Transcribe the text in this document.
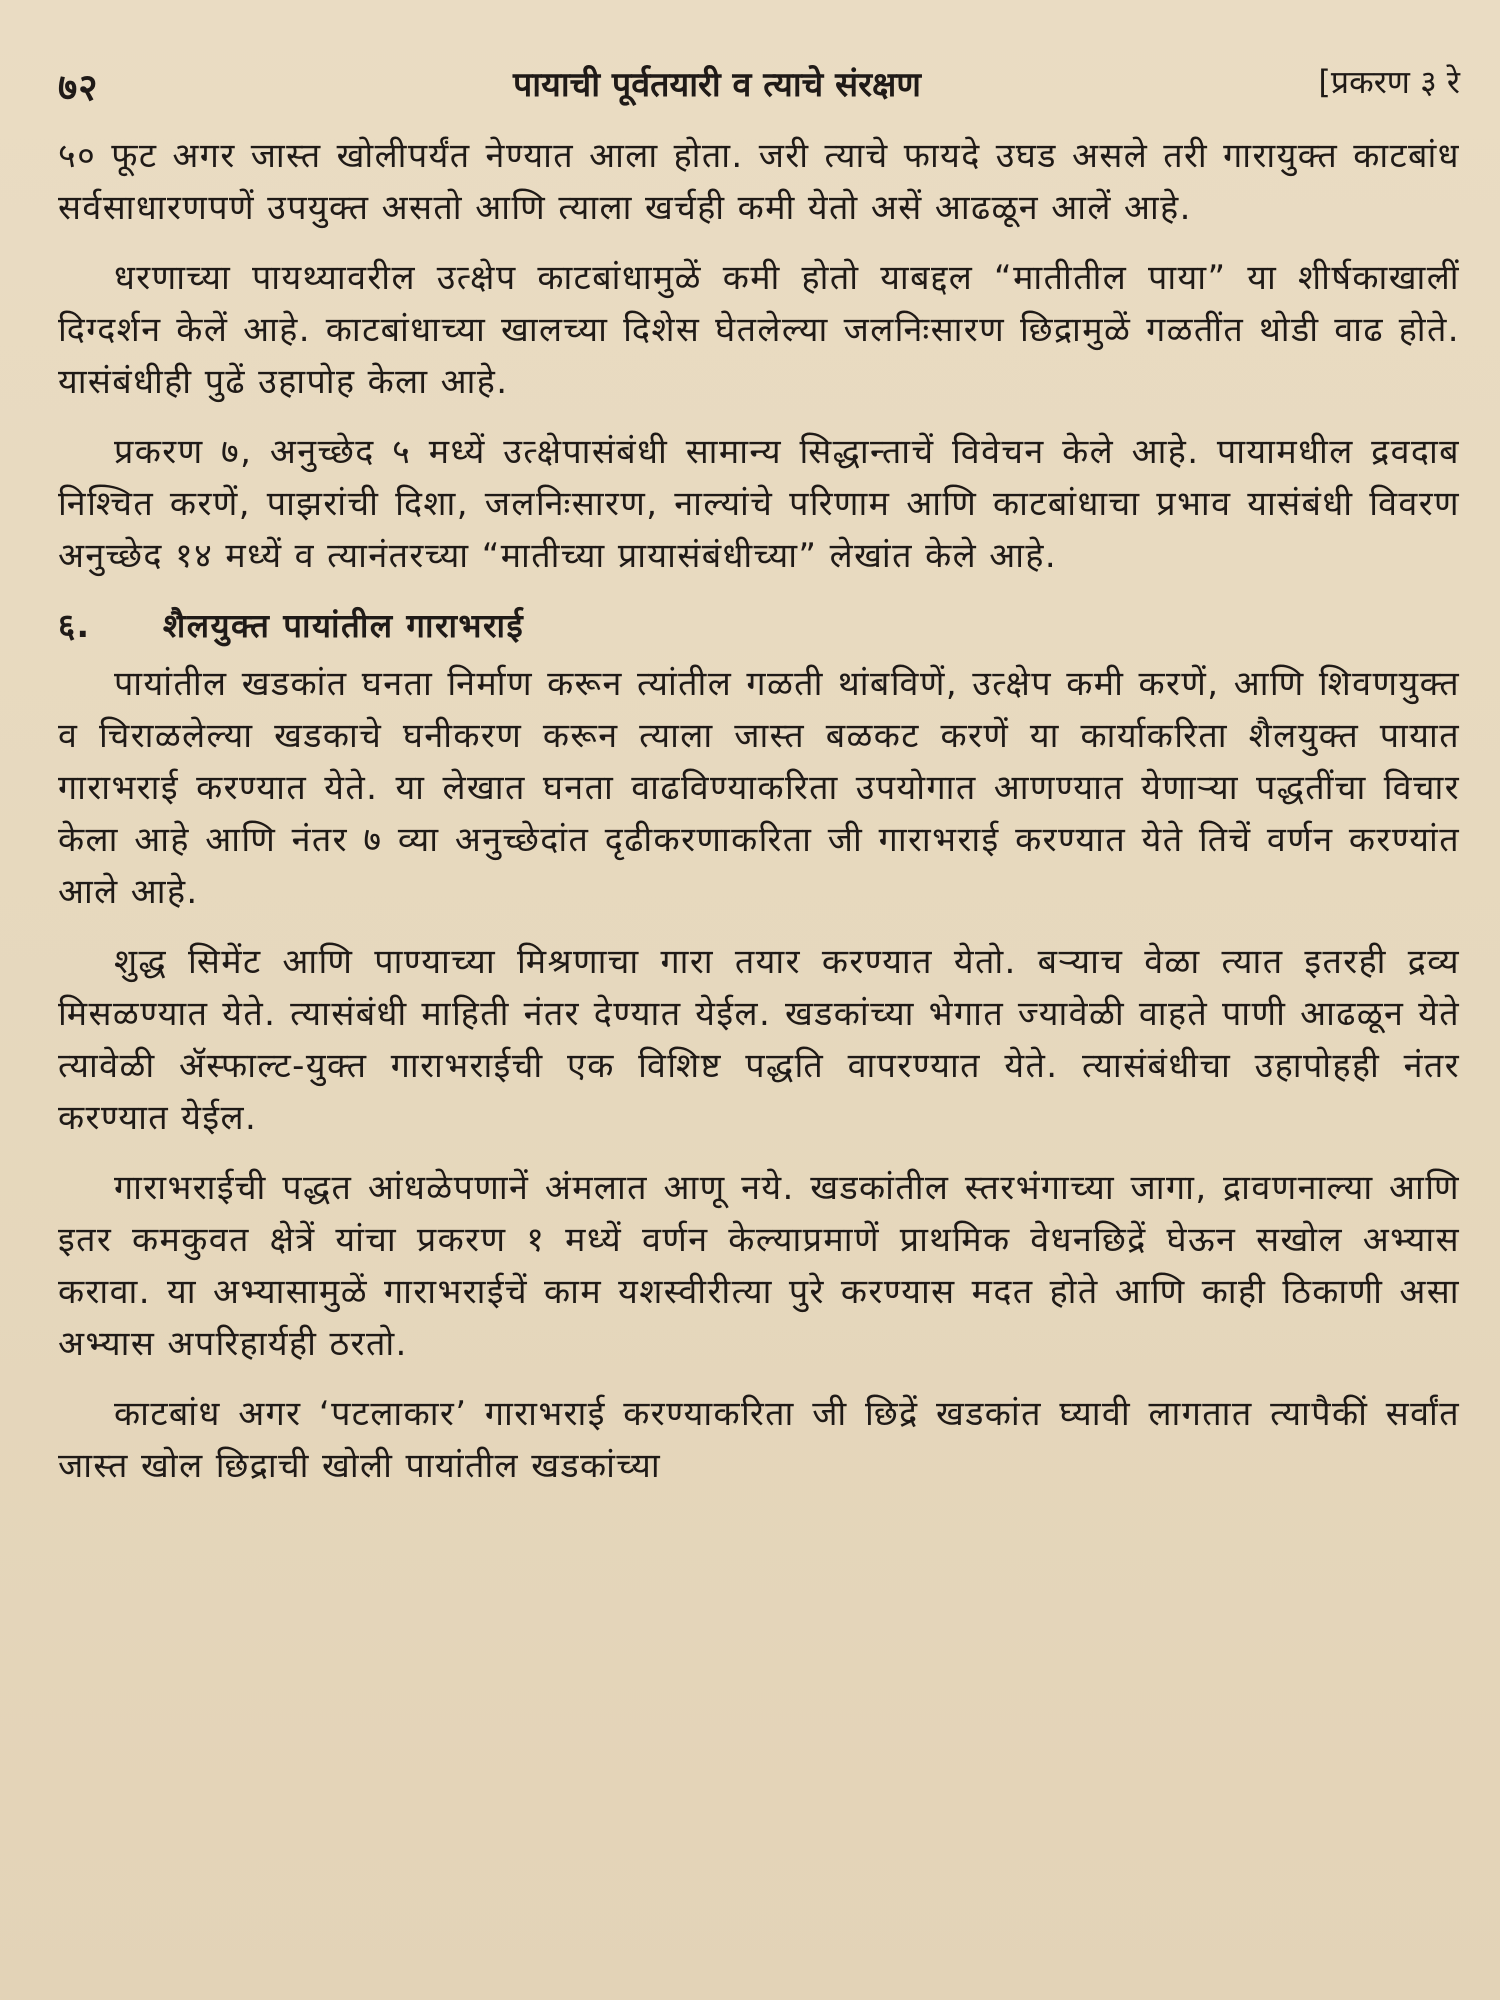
७२	पायाची पूर्वतयारी व त्याचे संरक्षण	[प्रकरण ३ रे

५० फूट अगर जास्त खोलीपर्यंत नेण्यात आला होता. जरी त्याचे फायदे उघड असले तरी गारायुक्त काटबांध सर्वसाधारणपणें उपयुक्त असतो आणि त्याला खर्चही कमी येतो असें आढळून आलें आहे.

धरणाच्या पायथ्यावरील उत्क्षेप काटबांधामुळें कमी होतो याबद्दल “मातीतील पाया” या शीर्षकाखालीं दिग्दर्शन केलें आहे. काटबांधाच्या खालच्या दिशेस घेतलेल्या जलनिःसारण छिद्रामुळें गळतींत थोडी वाढ होते. यासंबंधीही पुढें उहापोह केला आहे.

प्रकरण ७, अनुच्छेद ५ मध्यें उत्क्षेपासंबंधी सामान्य सिद्धान्ताचें विवेचन केले आहे. पायामधील द्रवदाब निश्चित करणें, पाझरांची दिशा, जलनिःसारण, नाल्यांचे परिणाम आणि काटबांधाचा प्रभाव यासंबंधी विवरण अनुच्छेद १४ मध्यें व त्यानंतरच्या “मातीच्या प्रायासंबंधीच्या” लेखांत केले आहे.

६. शैलयुक्त पायांतील गाराभराई

पायांतील खडकांत घनता निर्माण करून त्यांतील गळती थांबविणें, उत्क्षेप कमी करणें, आणि शिवणयुक्त व चिराळलेल्या खडकाचे घनीकरण करून त्याला जास्त बळकट करणें या कार्याकरिता शैलयुक्त पायात गाराभराई करण्यात येते. या लेखात घनता वाढविण्याकरिता उपयोगात आणण्यात येणाऱ्या पद्धतींचा विचार केला आहे आणि नंतर ७ व्या अनुच्छेदांत दृढीकरणाकरिता जी गाराभराई करण्यात येते तिचें वर्णन करण्यांत आले आहे.

शुद्ध सिमेंट आणि पाण्याच्या मिश्रणाचा गारा तयार करण्यात येतो. बऱ्याच वेळा त्यात इतरही द्रव्य मिसळण्यात येते. त्यासंबंधी माहिती नंतर देण्यात येईल. खडकांच्या भेगात ज्यावेळी वाहते पाणी आढळून येते त्यावेळी ॲस्फाल्ट-युक्त गाराभराईची एक विशिष्ट पद्धति वापरण्यात येते. त्यासंबंधीचा उहापोहही नंतर करण्यात येईल.

गाराभराईची पद्धत आंधळेपणानें अंमलात आणू नये. खडकांतील स्तरभंगाच्या जागा, द्रावणनाल्या आणि इतर कमकुवत क्षेत्रें यांचा प्रकरण १ मध्यें वर्णन केल्याप्रमाणें प्राथमिक वेधनछिद्रें घेऊन सखोल अभ्यास करावा. या अभ्यासामुळें गाराभराईचें काम यशस्वीरीत्या पुरे करण्यास मदत होते आणि काही ठिकाणी असा अभ्यास अपरिहार्यही ठरतो.

काटबांध अगर ‘पटलाकार’ गाराभराई करण्याकरिता जी छिद्रें खडकांत घ्यावी लागतात त्यापैकीं सर्वांत जास्त खोल छिद्राची खोली पायांतील खडकांच्या
